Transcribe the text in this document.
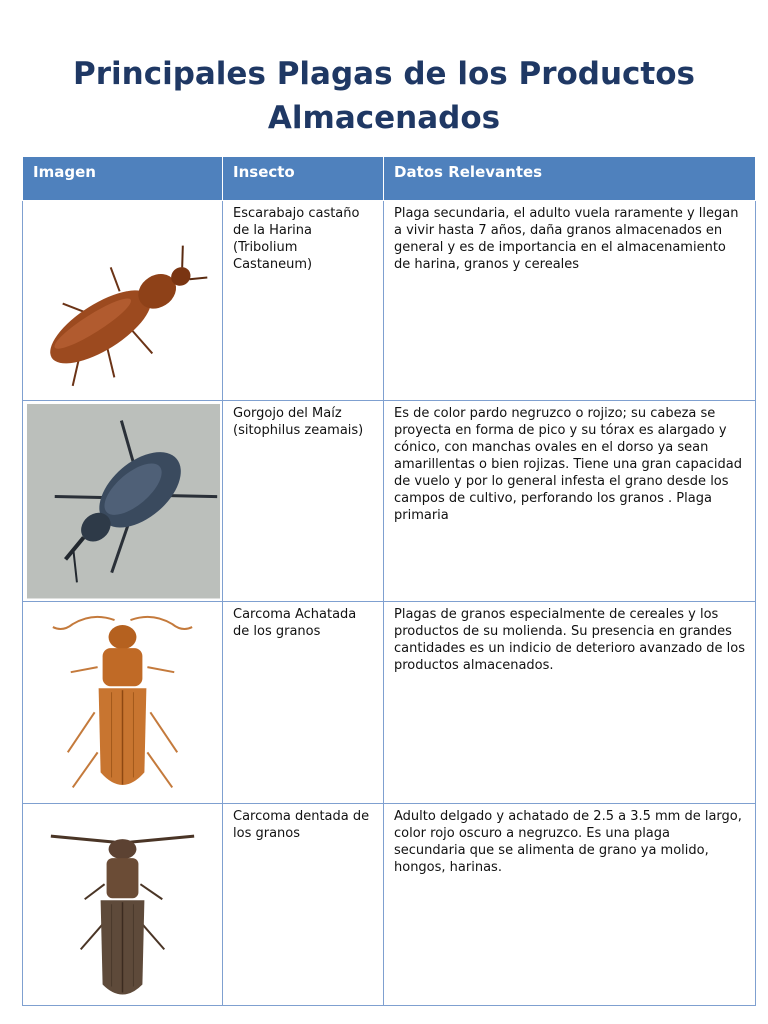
Principales Plagas de los Productos
Almacenados
Imagen	Insecto	Datos Relevantes

	Escarabajo castaño de la Harina (Tribolium Castaneum)	Plaga secundaria, el adulto vuela raramente y llegan a vivir hasta 7 años, daña granos almacenados en general y es de importancia en el almacenamiento de harina, granos y cereales

	Gorgojo del Maíz (sitophilus zeamais)	Es de color pardo negruzco o rojizo; su cabeza se proyecta en forma de pico y su tórax es alargado y cónico, con manchas ovales en el dorso ya sean amarillentas o bien rojizas. Tiene una gran capacidad de vuelo y por lo general infesta el grano desde los campos de cultivo, perforando los granos . Plaga primaria

	Carcoma Achatada de los granos	Plagas de granos especialmente de cereales y los productos de su molienda. Su presencia en grandes cantidades es un indicio de deterioro avanzado de los productos almacenados.

	Carcoma dentada de los granos	Adulto delgado y achatado de 2.5 a 3.5 mm de largo, color rojo oscuro a negruzco. Es una plaga secundaria que se alimenta de grano ya molido, hongos, harinas.
